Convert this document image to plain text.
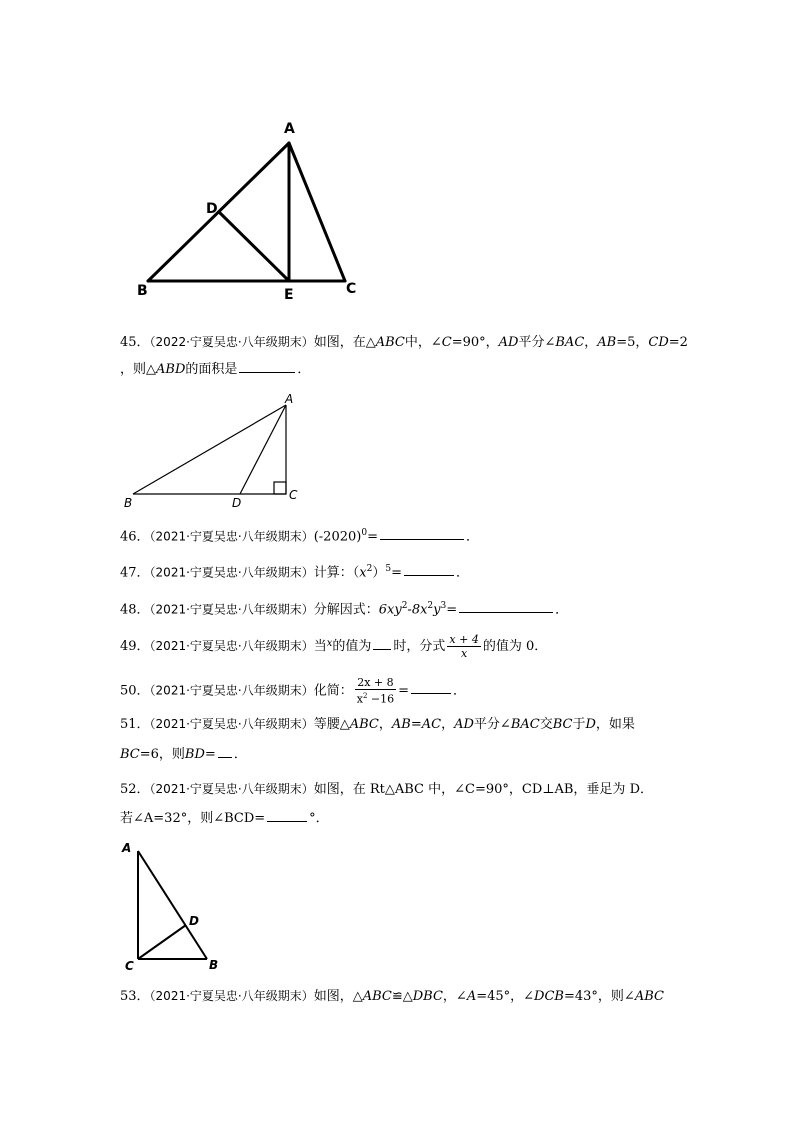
A
B	C
D
E
45．（2022·宁夏吴忠·八年级期末）如图，在△ABC中，∠C=90°，AD平分∠BAC，AB=5，CD=2
，则△ABD的面积是	．
A
B
C
D
46．（2021·宁夏吴忠·八年级期末）$(-2020)^0=$	．
47．（2021·宁夏吴忠·八年级期末）计算：$(x^2)^5=$	．
48．（2021·宁夏吴忠·八年级期末）分解因式：$6xy^2-8x^2y^3=$	．
49．（2021·宁夏吴忠·八年级期末）当$^x$的值为 时，分式 $\frac{x + 4}{x}$ 的值为 0．
50．（2021·宁夏吴忠·八年级期末）化简： $\frac{2x + 8}{x^2 -16}$ =	．
51．（2021·宁夏吴忠·八年级期末）等腰△ABC，AB=AC，AD平分∠BAC交BC于D，如果
BC=6，则BD= ．
52．（2021·宁夏吴忠·八年级期末）如图，在 Rt△ABC 中，∠C=90°，CD⊥AB，垂足为 D．
若∠A=32°，则∠BCD=	°．
A
C	B
D
53．（2021·宁夏吴忠·八年级期末）如图，△ABC≌△DBC，∠A=45°，∠DCB=43°，则∠ABC
